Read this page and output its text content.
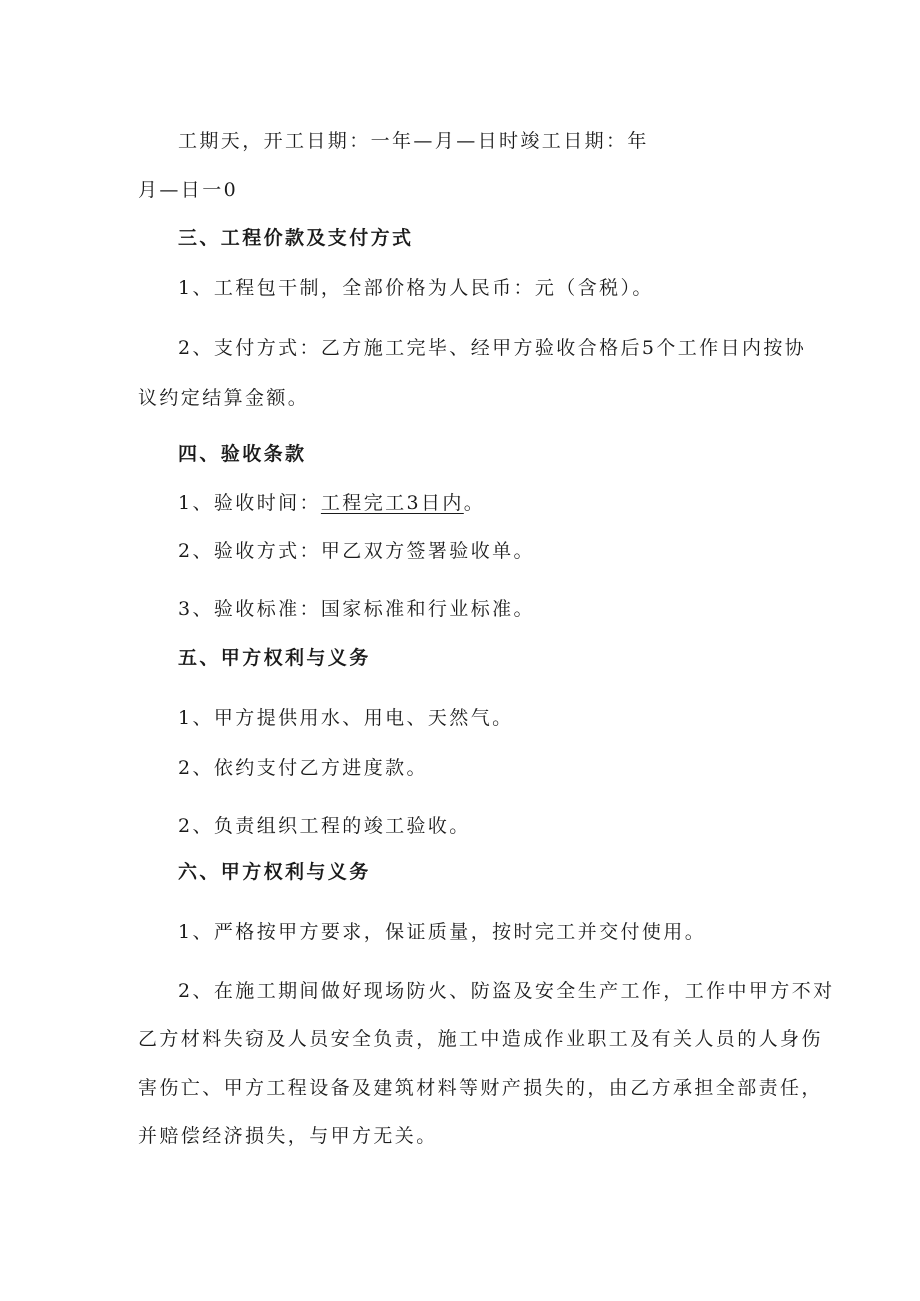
工期天，开工日期：一年—月—日时竣工日期：年
月—日一0
三、工程价款及支付方式
1、工程包干制，全部价格为人民币：元（含税）。
2、支付方式：乙方施工完毕、经甲方验收合格后5个工作日内按协
议约定结算金额。
四、验收条款
1、验收时间：工程完工3日内。
2、验收方式：甲乙双方签署验收单。
3、验收标准：国家标准和行业标准。
五、甲方权利与义务
1、甲方提供用水、用电、天然气。
2、依约支付乙方进度款。
2、负责组织工程的竣工验收。
六、甲方权利与义务
1、严格按甲方要求，保证质量，按时完工并交付使用。
2、在施工期间做好现场防火、防盗及安全生产工作，工作中甲方不对
乙方材料失窃及人员安全负责，施工中造成作业职工及有关人员的人身伤
害伤亡、甲方工程设备及建筑材料等财产损失的，由乙方承担全部责任，
并赔偿经济损失，与甲方无关。
